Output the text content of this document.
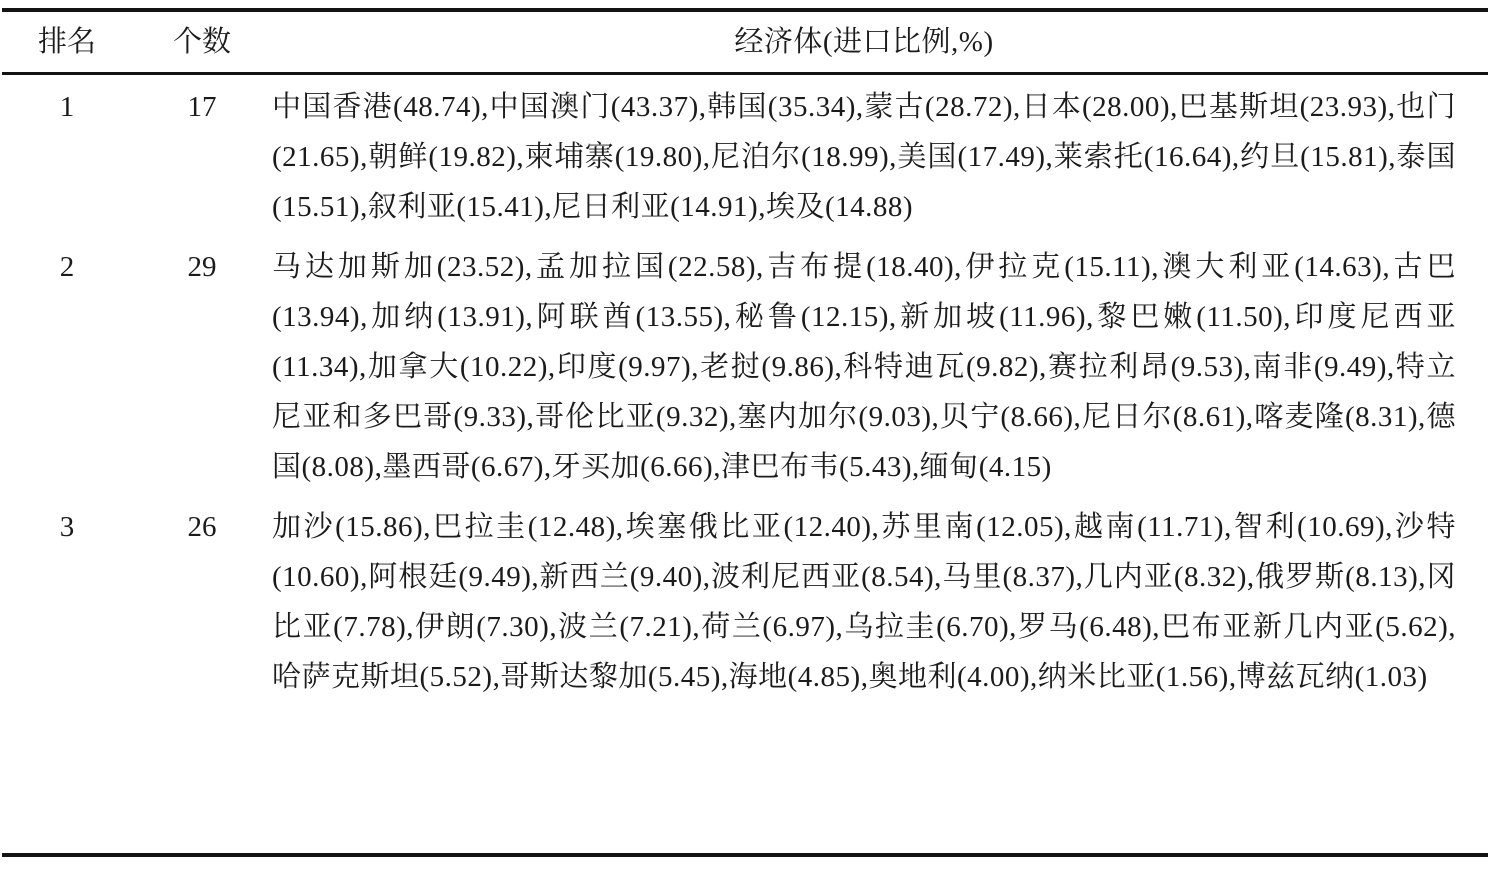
排名	个数	经济体(进口比例,%)
1	17	中国香港(48.74),中国澳门(43.37),韩国(35.34),蒙古(28.72),日本(28.00),巴基斯坦(23.93),也门(21.65),朝鲜(19.82),柬埔寨(19.80),尼泊尔(18.99),美国(17.49),莱索托(16.64),约旦(15.81),泰国(15.51),叙利亚(15.41),尼日利亚(14.91),埃及(14.88)
2	29	马达加斯加(23.52),孟加拉国(22.58),吉布提(18.40),伊拉克(15.11),澳大利亚(14.63),古巴(13.94),加纳(13.91),阿联酋(13.55),秘鲁(12.15),新加坡(11.96),黎巴嫩(11.50),印度尼西亚(11.34),加拿大(10.22),印度(9.97),老挝(9.86),科特迪瓦(9.82),赛拉利昂(9.53),南非(9.49),特立尼亚和多巴哥(9.33),哥伦比亚(9.32),塞内加尔(9.03),贝宁(8.66),尼日尔(8.61),喀麦隆(8.31),德国(8.08),墨西哥(6.67),牙买加(6.66),津巴布韦(5.43),缅甸(4.15)
3	26	加沙(15.86),巴拉圭(12.48),埃塞俄比亚(12.40),苏里南(12.05),越南(11.71),智利(10.69),沙特(10.60),阿根廷(9.49),新西兰(9.40),波利尼西亚(8.54),马里(8.37),几内亚(8.32),俄罗斯(8.13),冈比亚(7.78),伊朗(7.30),波兰(7.21),荷兰(6.97),乌拉圭(6.70),罗马(6.48),巴布亚新几内亚(5.62),哈萨克斯坦(5.52),哥斯达黎加(5.45),海地(4.85),奥地利(4.00),纳米比亚(1.56),博兹瓦纳(1.03)
